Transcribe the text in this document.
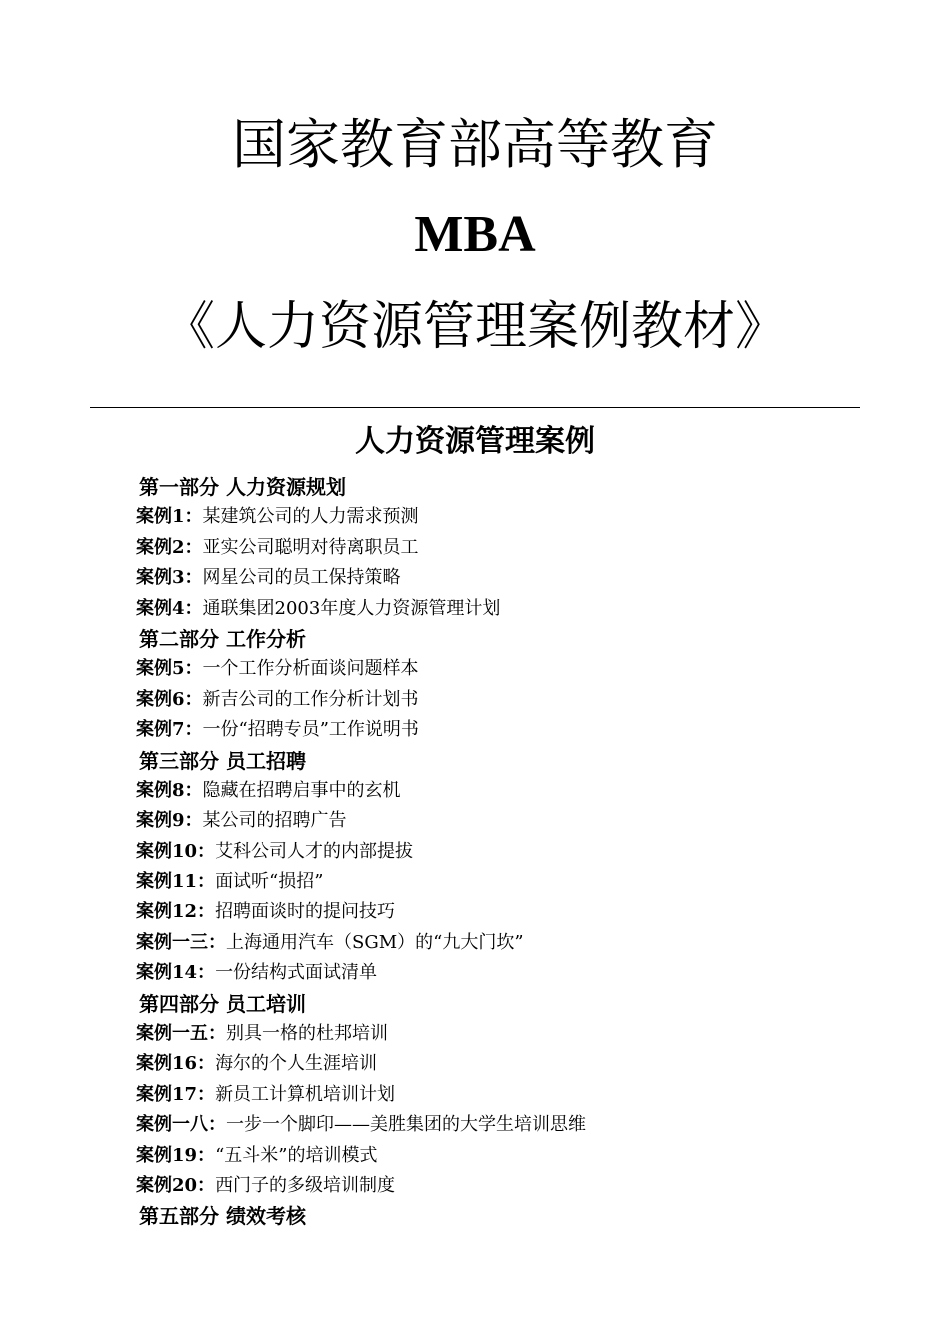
国家教育部高等教育
MBA
《人力资源管理案例教材》
人力资源管理案例
第一部分 人力资源规划
案例1：某建筑公司的人力需求预测
案例2：亚实公司聪明对待离职员工
案例3：网星公司的员工保持策略
案例4：通联集团2003年度人力资源管理计划
第二部分 工作分析
案例5：一个工作分析面谈问题样本
案例6：新吉公司的工作分析计划书
案例7：一份“招聘专员”工作说明书
第三部分 员工招聘
案例8：隐藏在招聘启事中的玄机
案例9：某公司的招聘广告
案例10：艾科公司人才的内部提拔
案例11：面试听“损招”
案例12：招聘面谈时的提问技巧
案例一三：上海通用汽车（SGM）的“九大门坎”
案例14：一份结构式面试清单
第四部分 员工培训
案例一五：别具一格的杜邦培训
案例16：海尔的个人生涯培训
案例17：新员工计算机培训计划
案例一八：一步一个脚印——美胜集团的大学生培训思维
案例19：“五斗米”的培训模式
案例20：西门子的多级培训制度
第五部分 绩效考核
